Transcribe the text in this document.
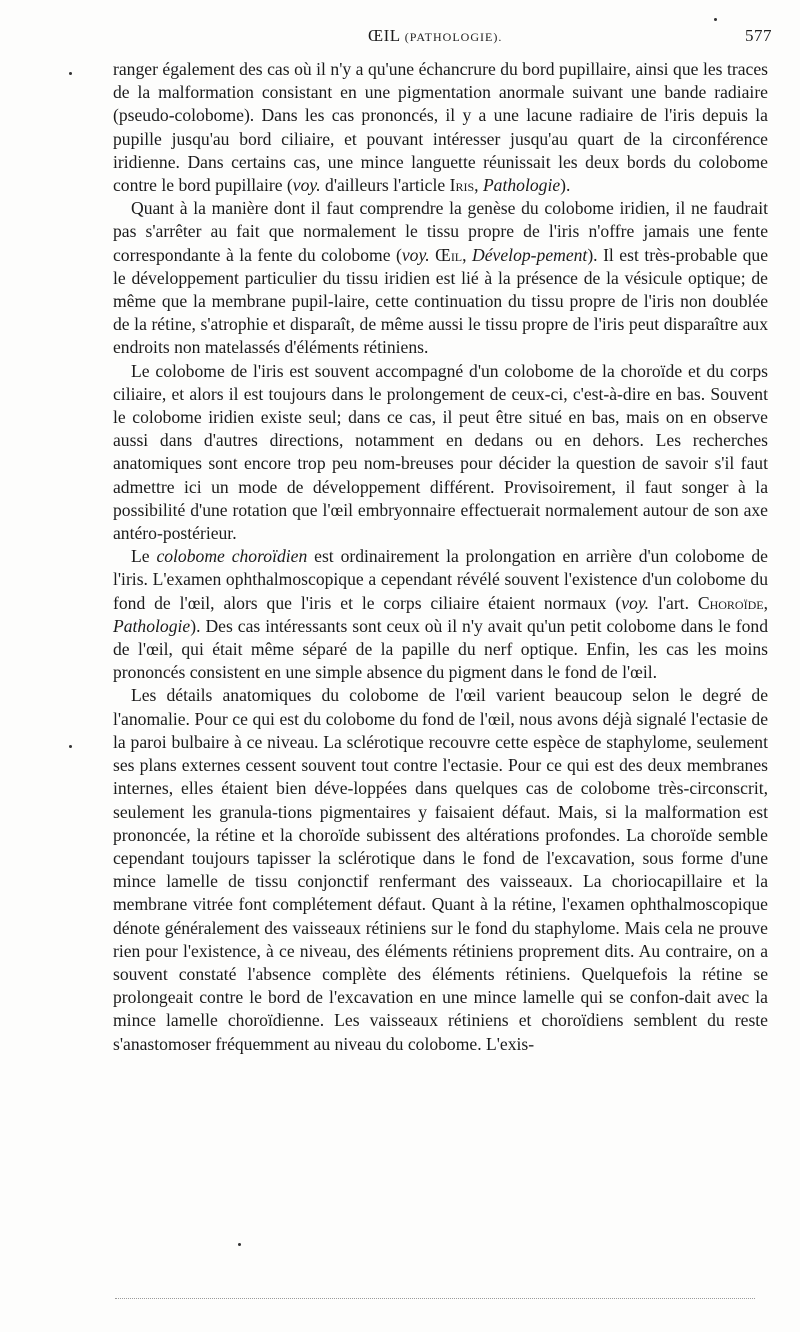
ŒIL (PATHOLOGIE).	577

ranger également des cas où il n'y a qu'une échancrure du bord pupillaire, ainsi que les traces de la malformation consistant en une pigmentation anormale suivant une bande radiaire (pseudo-colobome). Dans les cas prononcés, il y a une lacune radiaire de l'iris depuis la pupille jusqu'au bord ciliaire, et pouvant intéresser jusqu'au quart de la circonférence iridienne. Dans certains cas, une mince languette réunissait les deux bords du colobome contre le bord pupillaire (voy. d'ailleurs l'article Iris, Pathologie).

Quant à la manière dont il faut comprendre la genèse du colobome iridien, il ne faudrait pas s'arrêter au fait que normalement le tissu propre de l'iris n'offre jamais une fente correspondante à la fente du colobome (voy. Œil, Dévelop-pement). Il est très-probable que le développement particulier du tissu iridien est lié à la présence de la vésicule optique; de même que la membrane pupil-laire, cette continuation du tissu propre de l'iris non doublée de la rétine, s'atrophie et disparaît, de même aussi le tissu propre de l'iris peut disparaître aux endroits non matelassés d'éléments rétiniens.

Le colobome de l'iris est souvent accompagné d'un colobome de la choroïde et du corps ciliaire, et alors il est toujours dans le prolongement de ceux-ci, c'est-à-dire en bas. Souvent le colobome iridien existe seul; dans ce cas, il peut être situé en bas, mais on en observe aussi dans d'autres directions, notamment en dedans ou en dehors. Les recherches anatomiques sont encore trop peu nom-breuses pour décider la question de savoir s'il faut admettre ici un mode de développement différent. Provisoirement, il faut songer à la possibilité d'une rotation que l'œil embryonnaire effectuerait normalement autour de son axe antéro-postérieur.

Le colobome choroïdien est ordinairement la prolongation en arrière d'un colobome de l'iris. L'examen ophthalmoscopique a cependant révélé souvent l'existence d'un colobome du fond de l'œil, alors que l'iris et le corps ciliaire étaient normaux (voy. l'art. Choroïde, Pathologie). Des cas intéressants sont ceux où il n'y avait qu'un petit colobome dans le fond de l'œil, qui était même séparé de la papille du nerf optique. Enfin, les cas les moins prononcés consistent en une simple absence du pigment dans le fond de l'œil.

Les détails anatomiques du colobome de l'œil varient beaucoup selon le degré de l'anomalie. Pour ce qui est du colobome du fond de l'œil, nous avons déjà signalé l'ectasie de la paroi bulbaire à ce niveau. La sclérotique recouvre cette espèce de staphylome, seulement ses plans externes cessent souvent tout contre l'ectasie. Pour ce qui est des deux membranes internes, elles étaient bien déve-loppées dans quelques cas de colobome très-circonscrit, seulement les granula-tions pigmentaires y faisaient défaut. Mais, si la malformation est prononcée, la rétine et la choroïde subissent des altérations profondes. La choroïde semble cependant toujours tapisser la sclérotique dans le fond de l'excavation, sous forme d'une mince lamelle de tissu conjonctif renfermant des vaisseaux. La choriocapillaire et la membrane vitrée font complétement défaut. Quant à la rétine, l'examen ophthalmoscopique dénote généralement des vaisseaux rétiniens sur le fond du staphylome. Mais cela ne prouve rien pour l'existence, à ce niveau, des éléments rétiniens proprement dits. Au contraire, on a souvent constaté l'absence complète des éléments rétiniens. Quelquefois la rétine se prolongeait contre le bord de l'excavation en une mince lamelle qui se confon-dait avec la mince lamelle choroïdienne. Les vaisseaux rétiniens et choroïdiens semblent du reste s'anastomoser fréquemment au niveau du colobome. L'exis-
